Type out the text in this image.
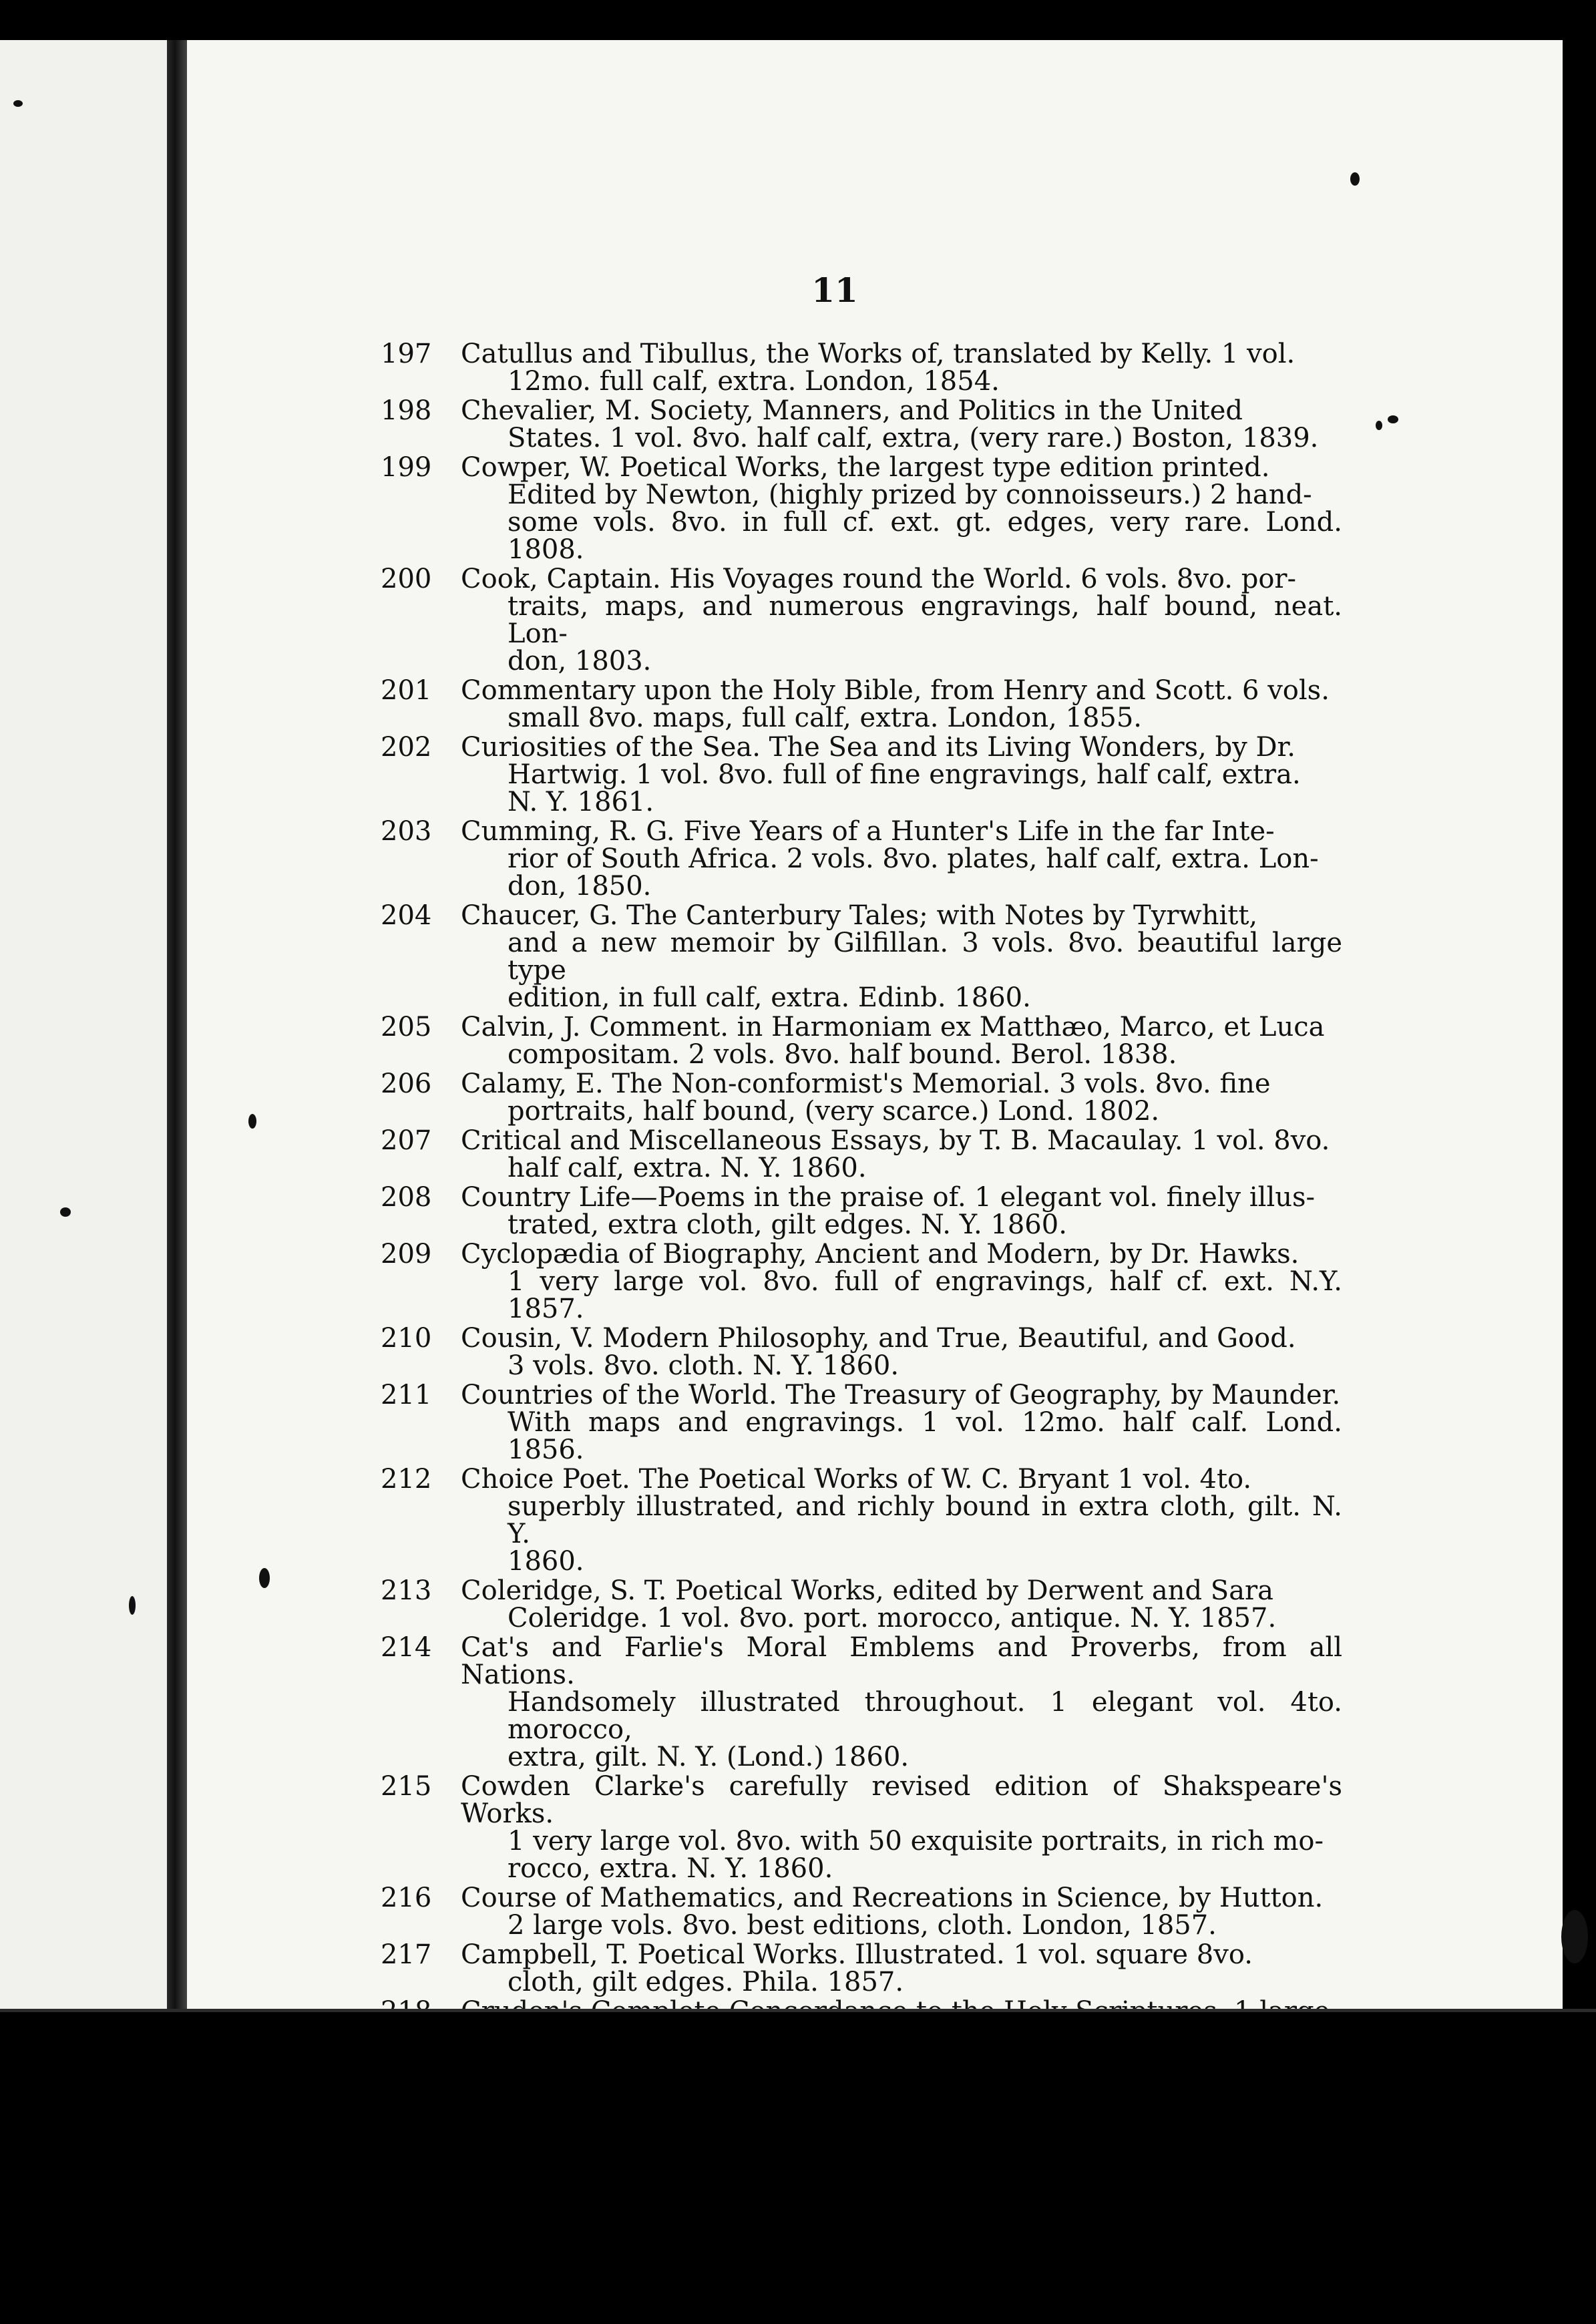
11
197	Catullus and Tibullus, the Works of, translated by Kelly. 1 vol.
12mo. full calf, extra. London, 1854.
198	Chevalier, M. Society, Manners, and Politics in the United
States. 1 vol. 8vo. half calf, extra, (very rare.) Boston, 1839.
199	Cowper, W. Poetical Works, the largest type edition printed.
Edited by Newton, (highly prized by connoisseurs.) 2 hand-
some vols. 8vo. in full cf. ext. gt. edges, very rare. Lond. 1808.
200	Cook, Captain. His Voyages round the World. 6 vols. 8vo. por-
traits, maps, and numerous engravings, half bound, neat. Lon-
don, 1803.
201	Commentary upon the Holy Bible, from Henry and Scott. 6 vols.
small 8vo. maps, full calf, extra. London, 1855.
202	Curiosities of the Sea. The Sea and its Living Wonders, by Dr.
Hartwig. 1 vol. 8vo. full of fine engravings, half calf, extra.
N. Y. 1861.
203	Cumming, R. G. Five Years of a Hunter's Life in the far Inte-
rior of South Africa. 2 vols. 8vo. plates, half calf, extra. Lon-
don, 1850.
204	Chaucer, G. The Canterbury Tales; with Notes by Tyrwhitt,
and a new memoir by Gilfillan. 3 vols. 8vo. beautiful large type
edition, in full calf, extra. Edinb. 1860.
205	Calvin, J. Comment. in Harmoniam ex Matthæo, Marco, et Luca
compositam. 2 vols. 8vo. half bound. Berol. 1838.
206	Calamy, E. The Non-conformist's Memorial. 3 vols. 8vo. fine
portraits, half bound, (very scarce.) Lond. 1802.
207	Critical and Miscellaneous Essays, by T. B. Macaulay. 1 vol. 8vo.
half calf, extra. N. Y. 1860.
208	Country Life—Poems in the praise of. 1 elegant vol. finely illus-
trated, extra cloth, gilt edges. N. Y. 1860.
209	Cyclopædia of Biography, Ancient and Modern, by Dr. Hawks.
1 very large vol. 8vo. full of engravings, half cf. ext. N.Y. 1857.
210	Cousin, V. Modern Philosophy, and True, Beautiful, and Good.
3 vols. 8vo. cloth. N. Y. 1860.
211	Countries of the World. The Treasury of Geography, by Maunder.
With maps and engravings. 1 vol. 12mo. half calf. Lond. 1856.
212	Choice Poet. The Poetical Works of W. C. Bryant 1 vol. 4to.
superbly illustrated, and richly bound in extra cloth, gilt. N. Y.
1860.
213	Coleridge, S. T. Poetical Works, edited by Derwent and Sara
Coleridge. 1 vol. 8vo. port. morocco, antique. N. Y. 1857.
214	Cat's and Farlie's Moral Emblems and Proverbs, from all Nations.
Handsomely illustrated throughout. 1 elegant vol. 4to. morocco,
extra, gilt. N. Y. (Lond.) 1860.
215	Cowden Clarke's carefully revised edition of Shakspeare's Works.
1 very large vol. 8vo. with 50 exquisite portraits, in rich mo-
rocco, extra. N. Y. 1860.
216	Course of Mathematics, and Recreations in Science, by Hutton.
2 large vols. 8vo. best editions, cloth. London, 1857.
217	Campbell, T. Poetical Works. Illustrated. 1 vol. square 8vo.
cloth, gilt edges. Phila. 1857.
